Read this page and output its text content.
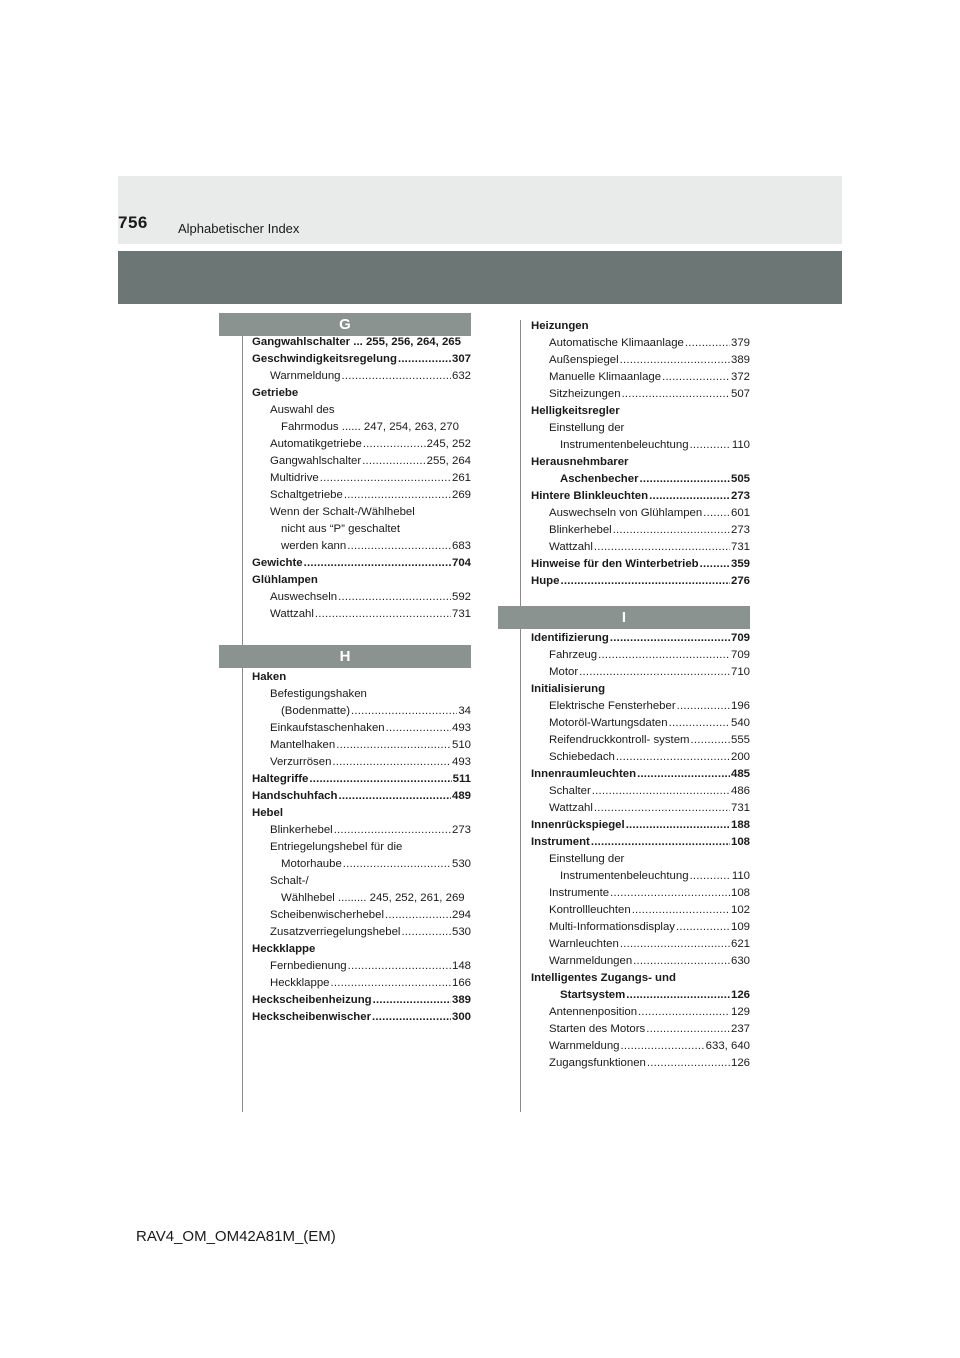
756 Alphabetischer Index
G
Gangwahlschalter ... 255, 256, 264, 265
Geschwindigkeitsregelung .....	307
Warnmeldung .....	632
Getriebe
Auswahl des
Fahrmodus ...... 247, 254, 263, 270
Automatikgetriebe .....	245, 252
Gangwahlschalter .....	255, 264
Multidrive .....	261
Schaltgetriebe .....	269
Wenn der Schalt-/Wählhebel
nicht aus “P” geschaltet
werden kann .....	683
Gewichte .....	704
Glühlampen
Auswechseln .....	592
Wattzahl .....	731
H
Haken
Befestigungshaken
(Bodenmatte) .....	34
Einkaufstaschenhaken .....	493
Mantelhaken .....	510
Verzurrösen .....	493
Haltegriffe .....	511
Handschuhfach .....	489
Hebel
Blinkerhebel .....	273
Entriegelungshebel für die
Motorhaube .....	530
Schalt-/
Wählhebel ......... 245, 252, 261, 269
Scheibenwischerhebel .....	294
Zusatzverriegelungshebel .....	530
Heckklappe
Fernbedienung .....	148
Heckklappe .....	166
Heckscheibenheizung .....	389
Heckscheibenwischer .....	300
Heizungen
Automatische Klimaanlage .....	379
Außenspiegel .....	389
Manuelle Klimaanlage .....	372
Sitzheizungen .....	507
Helligkeitsregler
Einstellung der
Instrumentenbeleuchtung .....	110
Herausnehmbarer
Aschenbecher .....	505
Hintere Blinkleuchten .....	273
Auswechseln von Glühlampen .....	601
Blinkerhebel .....	273
Wattzahl .....	731
Hinweise für den Winterbetrieb .....	359
Hupe .....	276
I
Identifizierung .....	709
Fahrzeug .....	709
Motor .....	710
Initialisierung
Elektrische Fensterheber .....	196
Motoröl-Wartungsdaten .....	540
Reifendruckkontroll- system .....	555
Schiebedach .....	200
Innenraumleuchten .....	485
Schalter .....	486
Wattzahl .....	731
Innenrückspiegel .....	188
Instrument .....	108
Einstellung der
Instrumentenbeleuchtung .....	110
Instrumente .....	108
Kontrollleuchten .....	102
Multi-Informationsdisplay .....	109
Warnleuchten .....	621
Warnmeldungen .....	630
Intelligentes Zugangs- und
Startsystem .....	126
Antennenposition .....	129
Starten des Motors .....	237
Warnmeldung .....	633, 640
Zugangsfunktionen .....	126
RAV4_OM_OM42A81M_(EM)
